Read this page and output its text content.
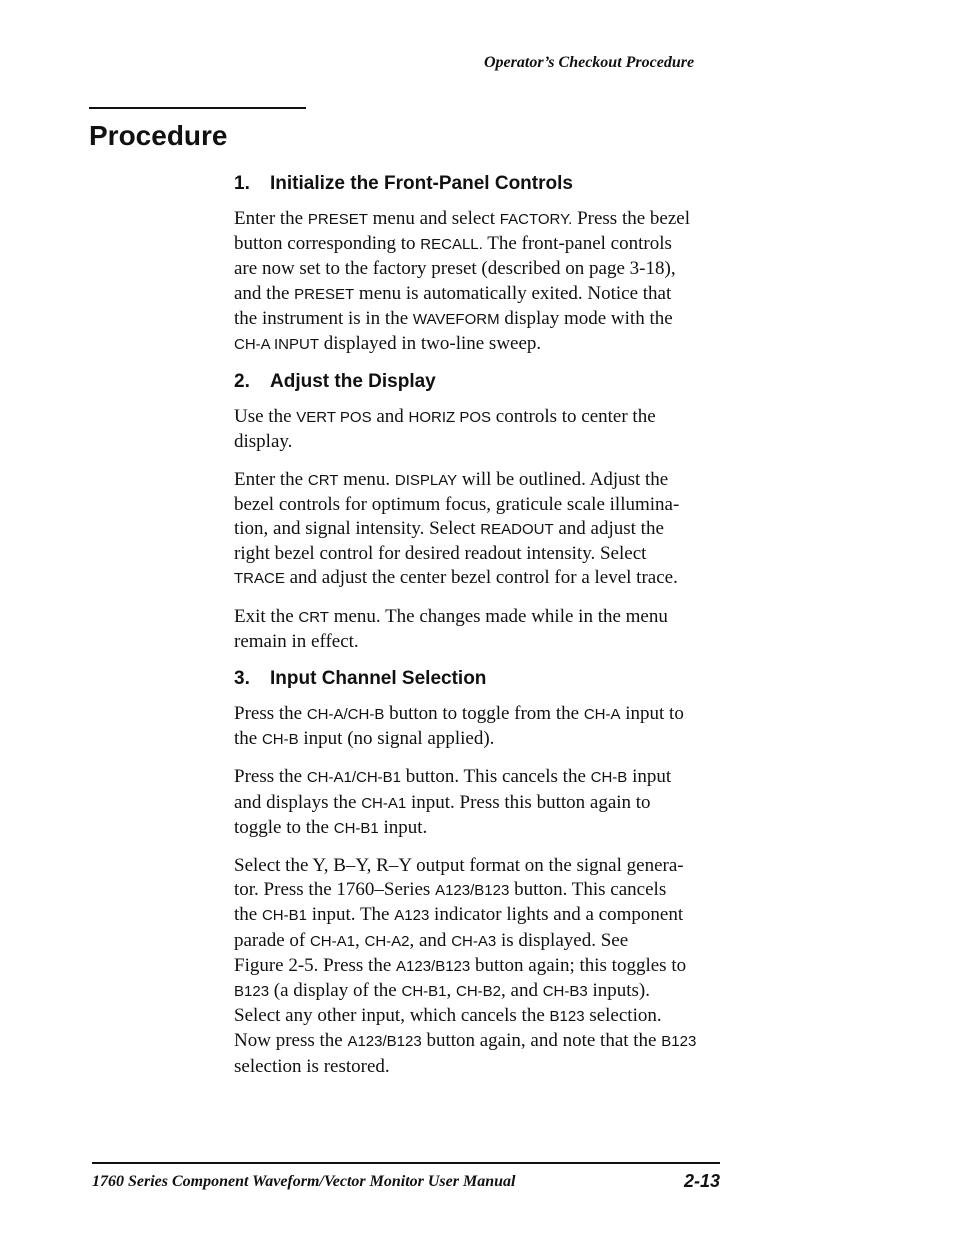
Operator’s Checkout Procedure
Procedure
1. Initialize the Front-Panel Controls

Enter the PRESET menu and select FACTORY. Press the bezel
button corresponding to RECALL. The front-panel controls
are now set to the factory preset (described on page 3-18),
and the PRESET menu is automatically exited. Notice that
the instrument is in the WAVEFORM display mode with the
CH-A INPUT displayed in two-line sweep.

2. Adjust the Display

Use the VERT POS and HORIZ POS controls to center the
display.

Enter the CRT menu. DISPLAY will be outlined. Adjust the
bezel controls for optimum focus, graticule scale illumina-
tion, and signal intensity. Select READOUT and adjust the
right bezel control for desired readout intensity. Select
TRACE and adjust the center bezel control for a level trace.

Exit the CRT menu. The changes made while in the menu
remain in effect.

3. Input Channel Selection

Press the CH-A/CH-B button to toggle from the CH-A input to
the CH-B input (no signal applied).

Press the CH-A1/CH-B1 button. This cancels the CH-B input
and displays the CH-A1 input. Press this button again to
toggle to the CH-B1 input.

Select the Y, B–Y, R–Y output format on the signal genera-
tor. Press the 1760–Series A123/B123 button. This cancels
the CH-B1 input. The A123 indicator lights and a component
parade of CH-A1, CH-A2, and CH-A3 is displayed. See
Figure 2-5. Press the A123/B123 button again; this toggles to
B123 (a display of the CH-B1, CH-B2, and CH-B3 inputs).
Select any other input, which cancels the B123 selection.
Now press the A123/B123 button again, and note that the B123
selection is restored.

1760 Series Component Waveform/Vector Monitor User Manual	2-13
